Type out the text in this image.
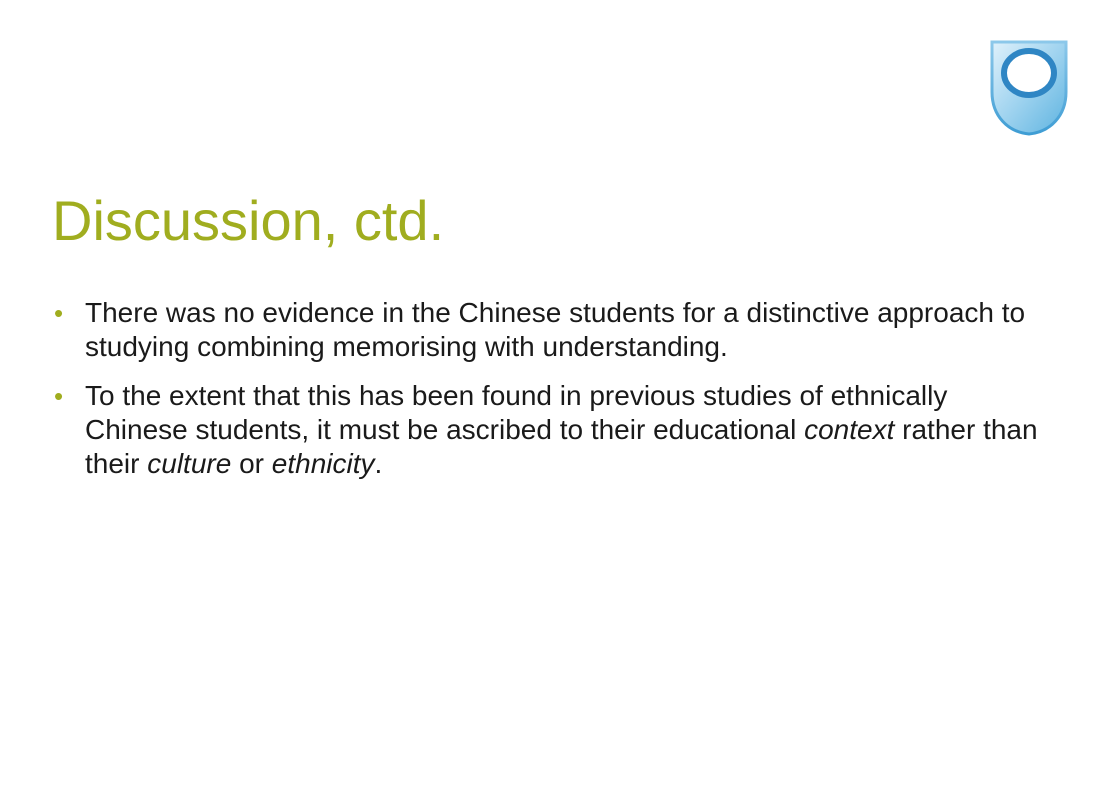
Discussion, ctd.
• There was no evidence in the Chinese students for a distinctive approach to studying combining memorising with understanding.
• To the extent that this has been found in previous studies of ethnically Chinese students, it must be ascribed to their educational context rather than their culture or ethnicity.
